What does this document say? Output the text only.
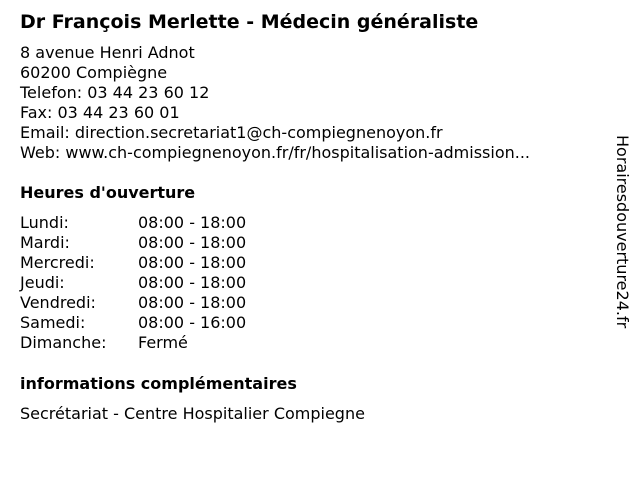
Dr François Merlette - Médecin généraliste
8 avenue Henri Adnot
60200 Compiègne
Telefon: 03 44 23 60 12
Fax: 03 44 23 60 01
Email: direction.secretariat1@ch-compiegnenoyon.fr
Web: www.ch-compiegnenoyon.fr/fr/hospitalisation-admission...
Heures d'ouverture
Lundi:	08:00 - 18:00
Mardi:	08:00 - 18:00
Mercredi:	08:00 - 18:00
Jeudi:	08:00 - 18:00
Vendredi:	08:00 - 18:00
Samedi:	08:00 - 16:00
Dimanche: Fermé
informations complémentaires
Secrétariat - Centre Hospitalier Compiegne
Horairesdouverture24.fr
